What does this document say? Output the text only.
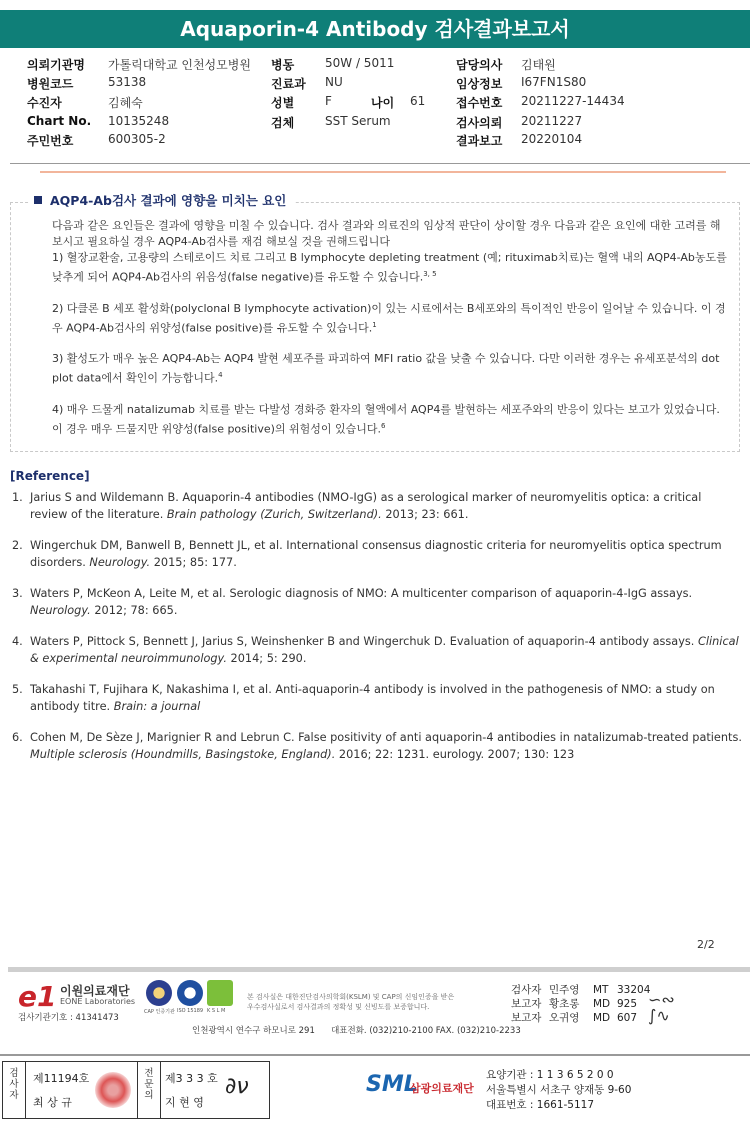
Aquaporin-4 Antibody 검사결과보고서
의뢰기관명 가톨릭대학교 인천성모병원
병원코드	53138
수진자	김혜숙
Chart No. 10135248
주민번호	600305-2
병동	50W / 5011
진료과 NU
성별	F	나이 61
검체	SST Serum
담당의사 김태원
임상정보 I67FN1S80
접수번호 20211227-14434
검사의뢰 20211227
결과보고 20220104
AQP4-Ab검사 결과에 영향을 미치는 요인

다음과 같은 요인들은 결과에 영향을 미칠 수 있습니다. 검사 결과와 의료진의 임상적 판단이 상이할 경우 다음과 같은 요인에 대한 고려를 해 보시고 필요하실 경우 AQP4-Ab검사를 재검 해보실 것을 권해드립니다
1) 혈장교환술, 고용량의 스테로이드 치료 그리고 B lymphocyte depleting treatment (예; rituximab치료)는 혈액 내의 AQP4-Ab농도를 낮추게 되어 AQP4-Ab검사의 위음성(false negative)를 유도할 수 있습니다.$^{3, 5}$

2) 다클론 B 세포 활성화(polyclonal B lymphocyte activation)이 있는 시료에서는 B세포와의 특이적인 반응이 일어날 수 있습니다. 이 경우 AQP4-Ab검사의 위양성(false positive)를 유도할 수 있습니다.$^1$

3) 활성도가 매우 높은 AQP4-Ab는 AQP4 발현 세포주를 파괴하여 MFI ratio 값을 낮출 수 있습니다. 다만 이러한 경우는 유세포분석의 dot plot data에서 확인이 가능합니다.$^4$

4) 매우 드물게 natalizumab 치료를 받는 다발성 경화증 환자의 혈액에서 AQP4를 발현하는 세포주와의 반응이 있다는 보고가 있었습니다. 이 경우 매우 드물지만 위양성(false positive)의 위험성이 있습니다.$^6$

[Reference]
1. Jarius S and Wildemann B. Aquaporin-4 antibodies (NMO-IgG) as a serological marker of neuromyelitis optica: a critical review of the literature. Brain pathology (Zurich, Switzerland). 2013; 23: 661.
2. Wingerchuk DM, Banwell B, Bennett JL, et al. International consensus diagnostic criteria for neuromyelitis optica spectrum disorders. Neurology. 2015; 85: 177.
3. Waters P, McKeon A, Leite M, et al. Serologic diagnosis of NMO: A multicenter comparison of aquaporin-4-IgG assays. Neurology. 2012; 78: 665.
4. Waters P, Pittock S, Bennett J, Jarius S, Weinshenker B and Wingerchuk D. Evaluation of aquaporin-4 antibody assays. Clinical & experimental neuroimmunology. 2014; 5: 290.
5. Takahashi T, Fujihara K, Nakashima I, et al. Anti-aquaporin-4 antibody is involved in the pathogenesis of NMO: a study on antibody titre. Brain: a journal
6. Cohen M, De Sèze J, Marignier R and Lebrun C. False positivity of anti aquaporin-4 antibodies in natalizumab-treated patients. Multiple sclerosis (Houndmills, Basingstoke, England). 2016; 22: 1231. eurology. 2007; 130: 123
2/2
e1 이원의료재단
EONE Laboratories
CAP 인증기관 ISO 15189 K S L M
본 검사실은 대한진단검사의학회(KSLM) 및 CAP의 신임인증을 받은
우수검사실로서 검사결과의 정확성 및 신빙도를 보증합니다.
검사기관기호 : 41341473
검사자 민주영 MT 33204
보고자 황초롱 MD 925
보고자 오귀영 MD 607
∽∾
∫∿
인천광역시 연수구 하모니로 291      대표전화. (032)210-2100 FAX. (032)210-2233
검
사
자
제11194호
최 상 규
전
문
의
제3 3 3 호
지 현 영
∂ν	SML
삼광의료재단
요양기관 : 1 1 3 6 5 2 0 0
서울특별시 서초구 양재동 9-60
대표번호 : 1661-5117
